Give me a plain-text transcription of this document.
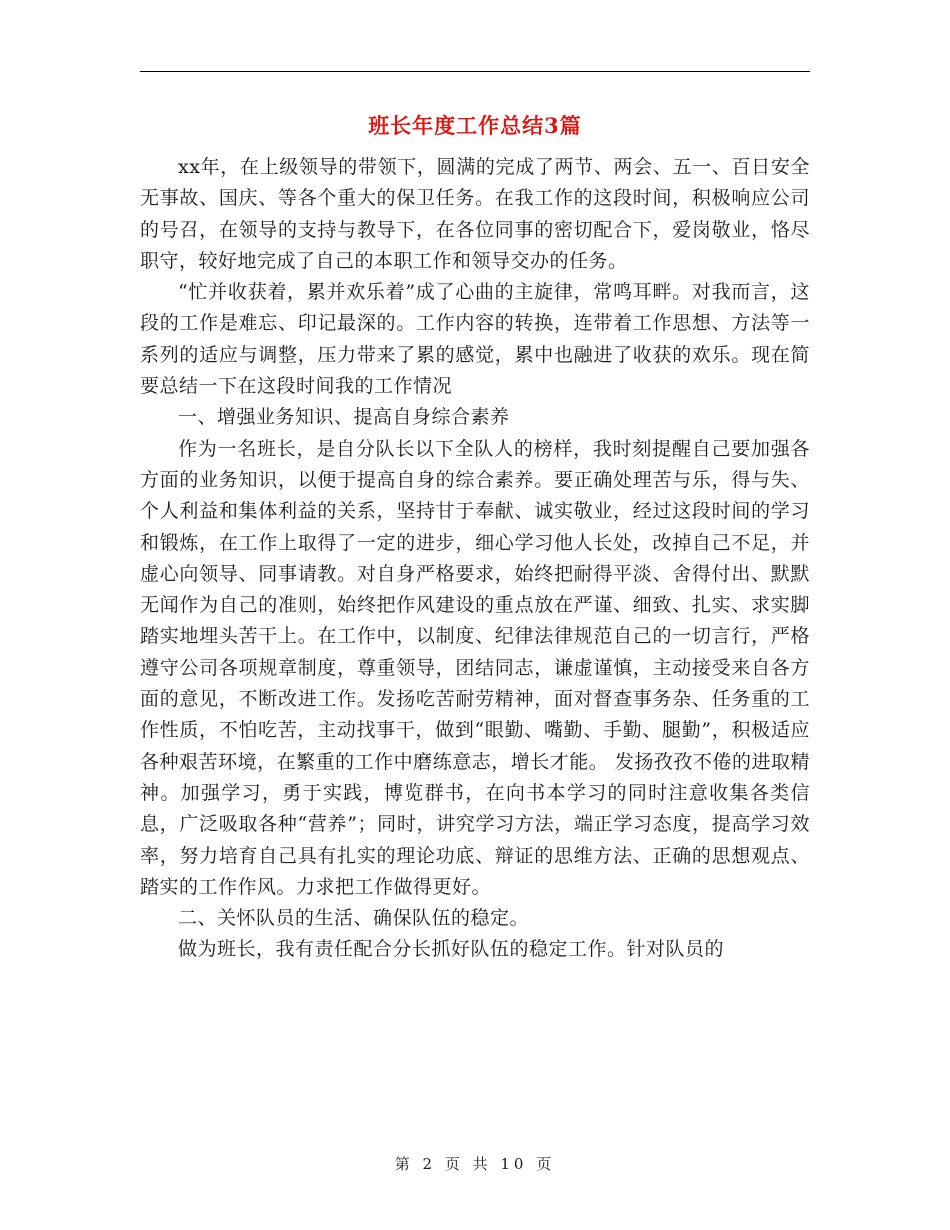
班长年度工作总结3篇

xx年，在上级领导的带领下，圆满的完成了两节、两会、五一、百日安全无事故、国庆、等各个重大的保卫任务。在我工作的这段时间，积极响应公司的号召，在领导的支持与教导下，在各位同事的密切配合下，爱岗敬业，恪尽职守，较好地完成了自己的本职工作和领导交办的任务。

“忙并收获着，累并欢乐着”成了心曲的主旋律，常鸣耳畔。对我而言，这段的工作是难忘、印记最深的。工作内容的转换，连带着工作思想、方法等一系列的适应与调整，压力带来了累的感觉，累中也融进了收获的欢乐。现在简要总结一下在这段时间我的工作情况

一、增强业务知识、提高自身综合素养

作为一名班长，是自分队长以下全队人的榜样，我时刻提醒自己要加强各方面的业务知识，以便于提高自身的综合素养。要正确处理苦与乐，得与失、个人利益和集体利益的关系，坚持甘于奉献、诚实敬业，经过这段时间的学习和锻炼，在工作上取得了一定的进步，细心学习他人长处，改掉自己不足，并虚心向领导、同事请教。对自身严格要求，始终把耐得平淡、舍得付出、默默无闻作为自己的准则，始终把作风建设的重点放在严谨、细致、扎实、求实脚踏实地埋头苦干上。在工作中，以制度、纪律法律规范自己的一切言行，严格遵守公司各项规章制度，尊重领导，团结同志，谦虚谨慎，主动接受来自各方面的意见，不断改进工作。发扬吃苦耐劳精神，面对督查事务杂、任务重的工作性质，不怕吃苦，主动找事干，做到“眼勤、嘴勤、手勤、腿勤”，积极适应各种艰苦环境，在繁重的工作中磨练意志，增长才能。 发扬孜孜不倦的进取精神。加强学习，勇于实践，博览群书，在向书本学习的同时注意收集各类信息，广泛吸取各种“营养”；同时，讲究学习方法，端正学习态度，提高学习效率，努力培育自己具有扎实的理论功底、辩证的思维方法、正确的思想观点、踏实的工作作风。力求把工作做得更好。

二、关怀队员的生活、确保队伍的稳定。

做为班长，我有责任配合分长抓好队伍的稳定工作。针对队员的

第 2 页 共 10 页
